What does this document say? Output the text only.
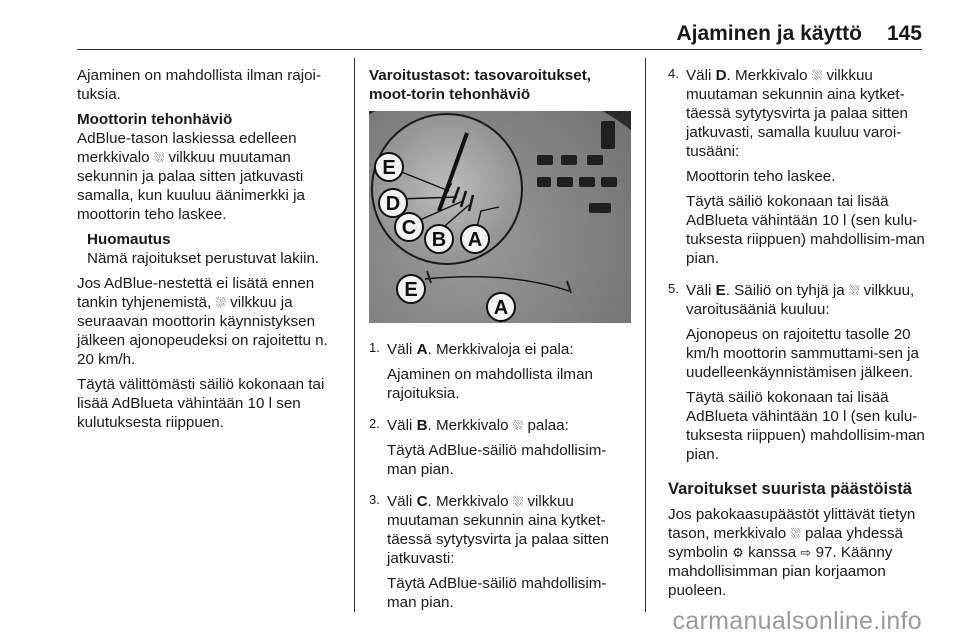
Ajaminen ja käyttö 145

Ajaminen on mahdollista ilman rajoi-tuksia.

Moottorin tehonhäviö

AdBlue-tason laskiessa edelleen merkkivalo ⛆ vilkkuu muutaman sekunnin ja palaa sitten jatkuvasti samalla, kun kuuluu äänimerkki ja moottorin teho laskee.

Huomautus
Nämä rajoitukset perustuvat lakiin.

Jos AdBlue-nestettä ei lisätä ennen tankin tyhjenemistä, ⛆ vilkkuu ja seuraavan moottorin käynnistyksen jälkeen ajonopeudeksi on rajoitettu n. 20 km/h.

Täytä välittömästi säiliö kokonaan tai lisää AdBlueta vähintään 10 l sen kulutuksesta riippuen.

Varoitustasot: tasovaroitukset, moot-torin tehonhäviö
E
D
C
B A
E
A
1. Väli A. Merkkivaloja ei pala:

Ajaminen on mahdollista ilman rajoituksia.

2. Väli B. Merkkivalo ⛆ palaa:

Täytä AdBlue-säiliö mahdollisim-man pian.

3. Väli C. Merkkivalo ⛆ vilkkuu muutaman sekunnin aina kytket-täessä sytytysvirta ja palaa sitten jatkuvasti:

Täytä AdBlue-säiliö mahdollisim-man pian.

4. Väli D. Merkkivalo ⛆ vilkkuu muutaman sekunnin aina kytket-täessä sytytysvirta ja palaa sitten jatkuvasti, samalla kuuluu varoi-tusääni:

Moottorin teho laskee.

Täytä säiliö kokonaan tai lisää AdBlueta vähintään 10 l (sen kulu-tuksesta riippuen) mahdollisim-man pian.

5. Väli E. Säiliö on tyhjä ja ⛆ vilkkuu, varoitusääniä kuuluu:

Ajonopeus on rajoitettu tasolle 20 km/h moottorin sammuttami-sen ja uudelleenkäynnistämisen jälkeen.

Täytä säiliö kokonaan tai lisää AdBlueta vähintään 10 l (sen kulu-tuksesta riippuen) mahdollisim-man pian.

Varoitukset suurista päästöistä

Jos pakokaasupäästöt ylittävät tietyn tason, merkkivalo ⛆ palaa yhdessä symbolin ⚙ kanssa ⇨ 97. Käänny mahdollisimman pian korjaamon puoleen.

carmanualsonline.info
